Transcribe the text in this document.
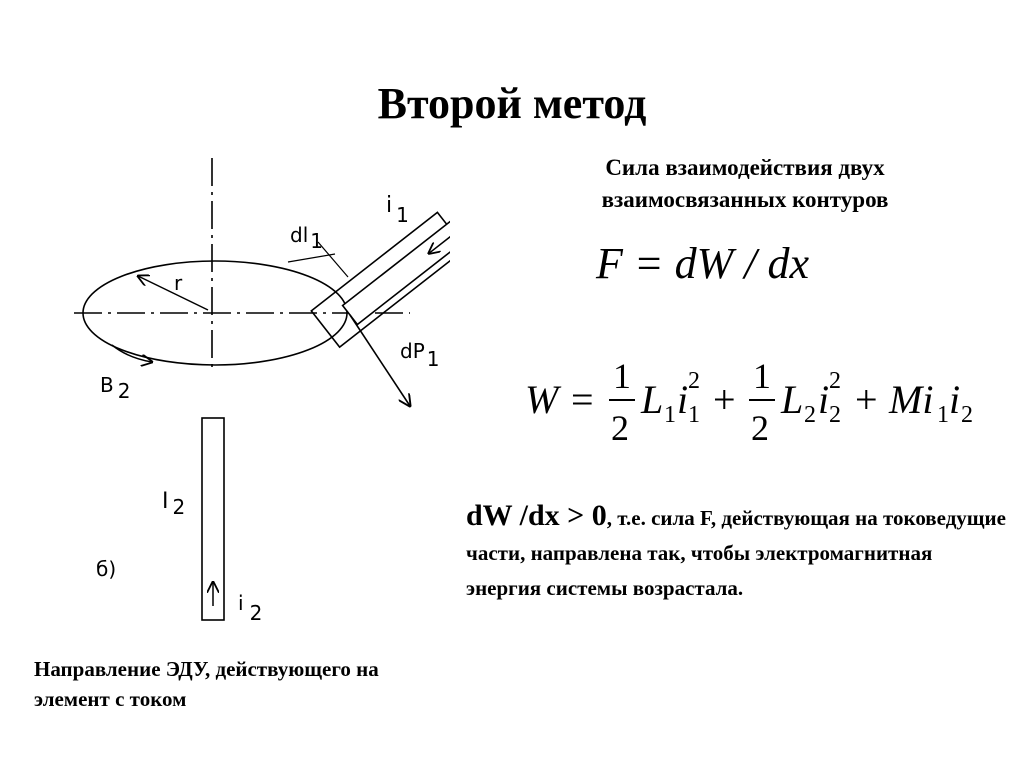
Второй метод
r
B 2
dl 1
i 1
dP 1
I 2
б)
i 2
Сила взаимодействия двух взаимосвязанных контуров
F = dW / dx
W =
1
2
L 1 i 2
1 +
1
2
L 2 i 2
2 + Mi 1 i 2
dW /dx > 0, т.е. сила F, действующая на токоведущие части, направлена так, чтобы электромагнитная энергия системы возрастала.
Направление ЭДУ, действующего на элемент с током
